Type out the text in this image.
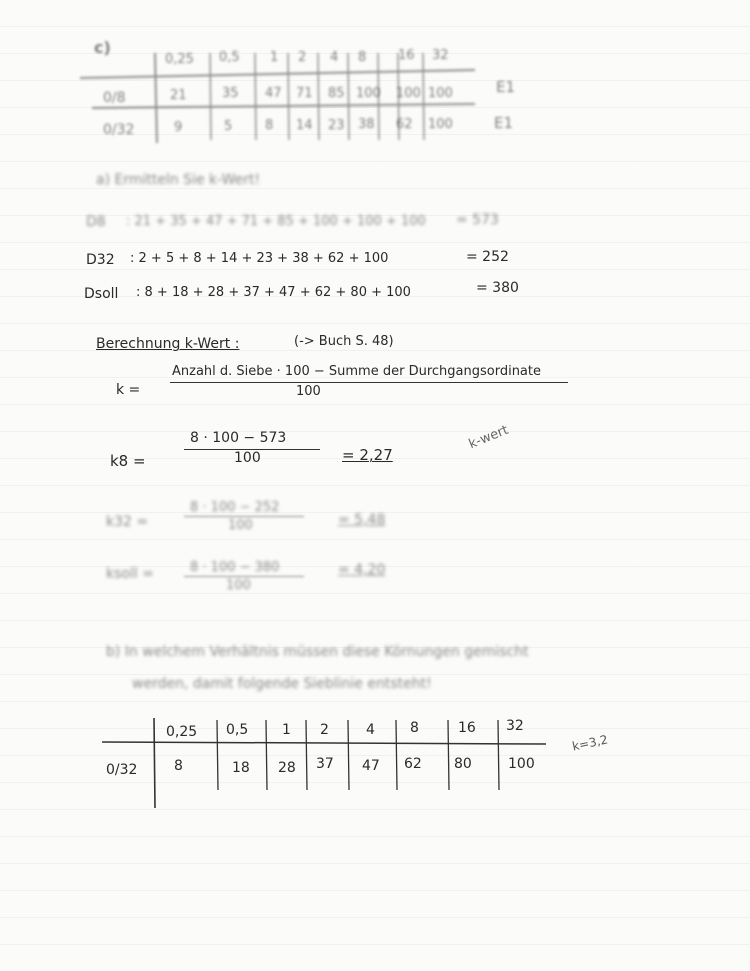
c)
0,25 0,5 1 2 4 8 16 32
0/8	21	35 47 71 85 100 100 100
0/32	9	5	8 14 23 38 62 100
E1
E1
a) Ermitteln Sie k-Wert!
D8 : 21 + 35 + 47 + 71 + 85 + 100 + 100 + 100 = 573
D32 : 2 + 5 + 8 + 14 + 23 + 38 + 62 + 100	= 252
Dsoll : 8 + 18 + 28 + 37 + 47 + 62 + 80 + 100	= 380
Berechnung k-Wert :	(-> Buch S. 48)
k =
Anzahl d. Siebe · 100 − Summe der Durchgangsordinate
100
k8 =
8 · 100 − 573
100	= 2,27
k-wert
k32 =
8 · 100 − 252
100	= 5,48
ksoll =	8 · 100 − 380
100
= 4,20
b) In welchem Verhältnis müssen diese Körnungen gemischt
werden, damit folgende Sieblinie entsteht!
0,25 0,5 1 2	4	8	16 32
0/32	8	18 28 37 47 62 80	100
k=3,2
